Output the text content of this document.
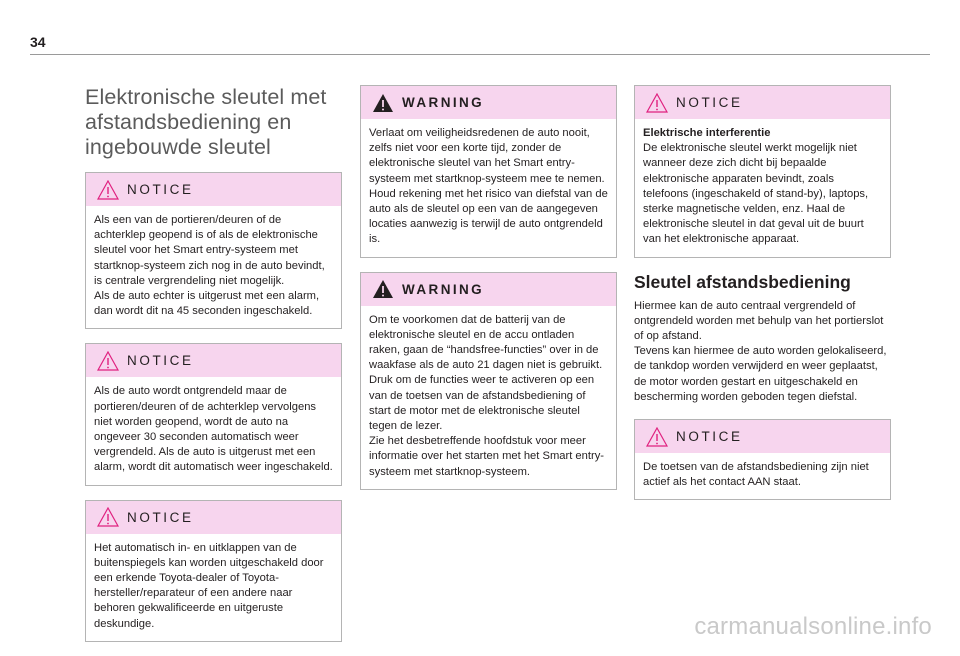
34
Elektronische sleutel met afstandsbediening en ingebouwde sleutel
NOTICE

Als een van de portieren/deuren of de achterklep geopend is of als de elektronische sleutel voor het Smart entry-systeem met startknop-systeem zich nog in de auto bevindt, is centrale vergrendeling niet mogelijk.
Als de auto echter is uitgerust met een alarm, dan wordt dit na 45 seconden ingeschakeld.

NOTICE

Als de auto wordt ontgrendeld maar de portieren/deuren of de achterklep vervolgens niet worden geopend, wordt de auto na ongeveer 30 seconden automatisch weer vergrendeld. Als de auto is uitgerust met een alarm, wordt dit automatisch weer ingeschakeld.

NOTICE

Het automatisch in- en uitklappen van de buitenspiegels kan worden uitgeschakeld door een erkende Toyota-dealer of Toyota-hersteller/reparateur of een andere naar behoren gekwalificeerde en uitgeruste deskundige.

WARNING

Verlaat om veiligheidsredenen de auto nooit, zelfs niet voor een korte tijd, zonder de elektronische sleutel van het Smart entry-systeem met startknop-systeem mee te nemen.
Houd rekening met het risico van diefstal van de auto als de sleutel op een van de aangegeven locaties aanwezig is terwijl de auto ontgrendeld is.

WARNING

Om te voorkomen dat de batterij van de elektronische sleutel en de accu ontladen raken, gaan de “handsfree-functies” over in de waakfase als de auto 21 dagen niet is gebruikt.
Druk om de functies weer te activeren op een van de toetsen van de afstandsbediening of start de motor met de elektronische sleutel tegen de lezer.
Zie het desbetreffende hoofdstuk voor meer informatie over het starten met het Smart entry-systeem met startknop-systeem.

NOTICE

Elektrische interferentie

De elektronische sleutel werkt mogelijk niet wanneer deze zich dicht bij bepaalde elektronische apparaten bevindt, zoals telefoons (ingeschakeld of stand-by), laptops, sterke magnetische velden, enz. Haal de elektronische sleutel in dat geval uit de buurt van het elektronische apparaat.

Sleutel afstandsbediening

Hiermee kan de auto centraal vergrendeld of ontgrendeld worden met behulp van het portierslot of op afstand.
Tevens kan hiermee de auto worden gelokaliseerd, de tankdop worden verwijderd en weer geplaatst, de motor worden gestart en uitgeschakeld en bescherming worden geboden tegen diefstal.

NOTICE

De toetsen van de afstandsbediening zijn niet actief als het contact AAN staat.

carmanualsonline.info
